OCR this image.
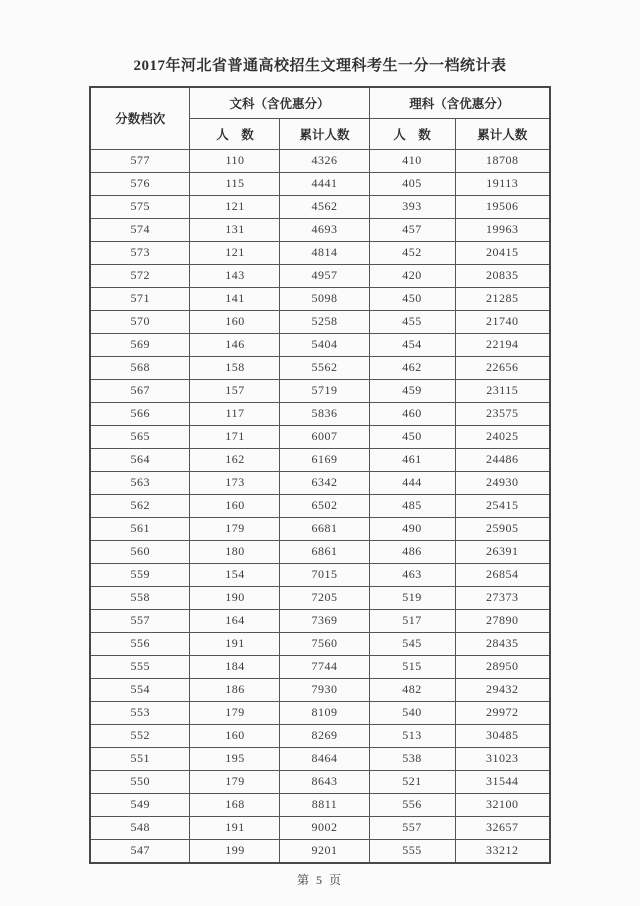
2017年河北省普通高校招生文理科考生一分一档统计表
分数档次	文科（含优惠分）		理科（含优惠分）	
	人　数	累计人数	人　数	累计人数
577	110	4326	410	18708
576	115	4441	405	19113
575	121	4562	393	19506
574	131	4693	457	19963
573	121	4814	452	20415
572	143	4957	420	20835
571	141	5098	450	21285
570	160	5258	455	21740
569	146	5404	454	22194
568	158	5562	462	22656
567	157	5719	459	23115
566	117	5836	460	23575
565	171	6007	450	24025
564	162	6169	461	24486
563	173	6342	444	24930
562	160	6502	485	25415
561	179	6681	490	25905
560	180	6861	486	26391
559	154	7015	463	26854
558	190	7205	519	27373
557	164	7369	517	27890
556	191	7560	545	28435
555	184	7744	515	28950
554	186	7930	482	29432
553	179	8109	540	29972
552	160	8269	513	30485
551	195	8464	538	31023
550	179	8643	521	31544
549	168	8811	556	32100
548	191	9002	557	32657
547	199	9201	555	33212
第 5 页
